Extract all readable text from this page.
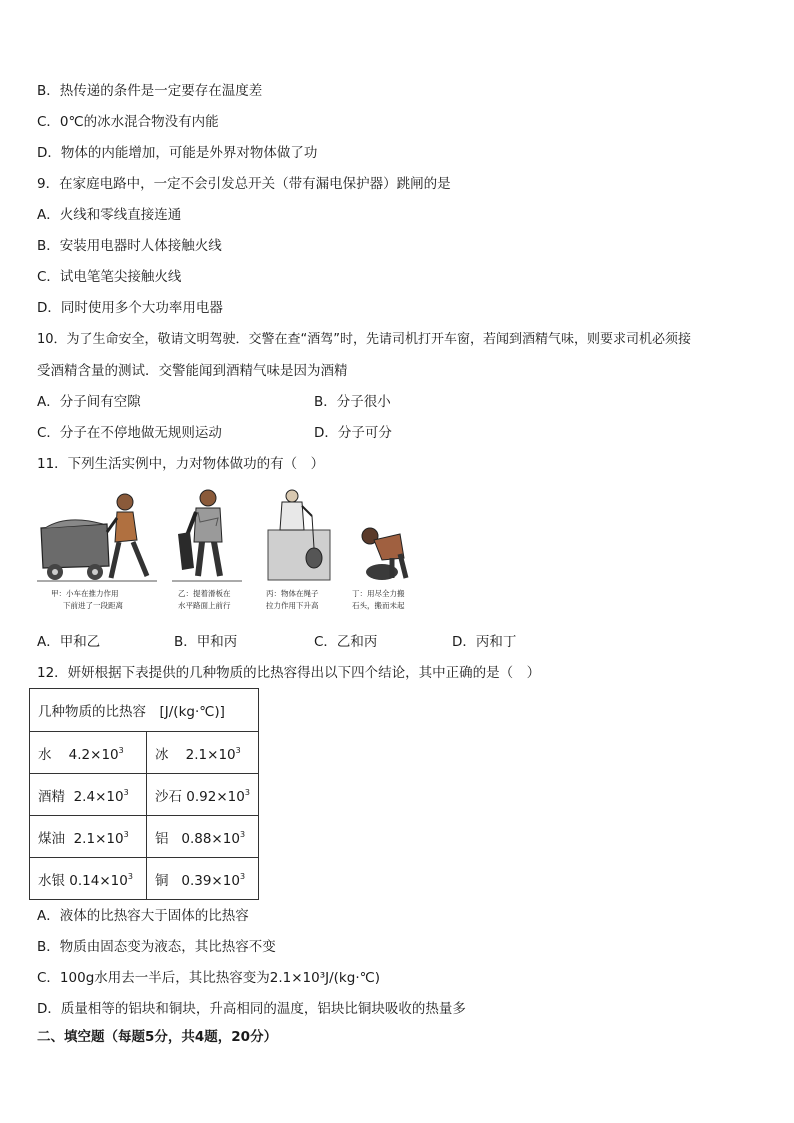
B．热传递的条件是一定要存在温度差
C．0℃的冰水混合物没有内能
D．物体的内能增加，可能是外界对物体做了功
9．在家庭电路中，一定不会引发总开关（带有漏电保护器）跳闸的是
A．火线和零线直接连通
B．安装用电器时人体接触火线
C．试电笔笔尖接触火线
D．同时使用多个大功率用电器
10．为了生命安全，敬请文明驾驶．交警在查“酒驾”时，先请司机打开车窗，若闻到酒精气味，则要求司机必须接
受酒精含量的测试．交警能闻到酒精气味是因为酒精
A．分子间有空隙	B．分子很小
C．分子在不停地做无规则运动	D．分子可分
11．下列生活实例中，力对物体做功的有（　）
甲：小车在推力作用
下前进了一段距离
乙：提着滑板在
水平路面上前行
丙：物体在绳子
拉力作用下升高
丁：用尽全力搬
石头，搬而未起
A．甲和乙	B．甲和丙	C．乙和丙	D．丙和丁
12．妍妍根据下表提供的几种物质的比热容得出以下四个结论，其中正确的是（　）
几种物质的比热容　[J/(kg·℃)]	
水 $4.2\times 10^3$	冰 $2.1\times 10^3$
酒精 $2.4\times 10^3$	沙石 $0.92\times 10^3$
煤油 $2.1\times 10^3$	铝 $0.88\times 10^3$
水银 $0.14\times 10^3$	铜 $0.39\times 10^3$
A．液体的比热容大于固体的比热容
B．物质由固态变为液态，其比热容不变
C．100g水用去一半后，其比热容变为2.1×10³J/(kg·℃)
D．质量相等的铝块和铜块，升高相同的温度，铝块比铜块吸收的热量多
二、填空题（每题5分，共4题，20分）
